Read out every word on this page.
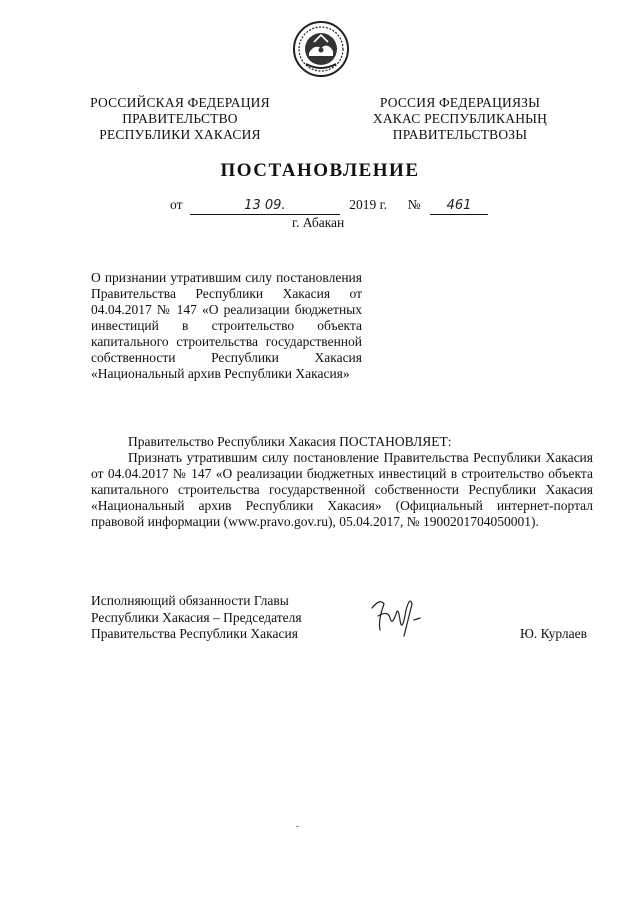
РОССИЙСКАЯ ФЕДЕРАЦИЯ
ПРАВИТЕЛЬСТВО
РЕСПУБЛИКИ ХАКАСИЯ
РОССИЯ ФЕДЕРАЦИЯЗЫ
ХАКАС РЕСПУБЛИКАНЫҢ
ПРАВИТЕЛЬСТВОЗЫ
ПОСТАНОВЛЕНИЕ
от	13 09.	2019 г. № 461
г. Абакан
О признании утратившим силу постановления Правительства Республики Хакасия от 04.04.2017 № 147 «О реализации бюджетных инвестиций в строительство объекта капитального строительства государственной собственности Республики Хакасия «Национальный архив Республики Хакасия»
Правительство Республики Хакасия ПОСТАНОВЛЯЕТ:
Признать утратившим силу постановление Правительства Республики Хакасия от 04.04.2017 № 147 «О реализации бюджетных инвестиций в строительство объекта капитального строительства государственной собственности Республики Хакасия «Национальный архив Республики Хакасия» (Официальный интернет-портал правовой информации (www.pravo.gov.ru), 05.04.2017, № 1900201704050001).
Исполняющий обязанности Главы
Республики Хакасия – Председателя
Правительства Республики Хакасия	Ю. Курлаев
